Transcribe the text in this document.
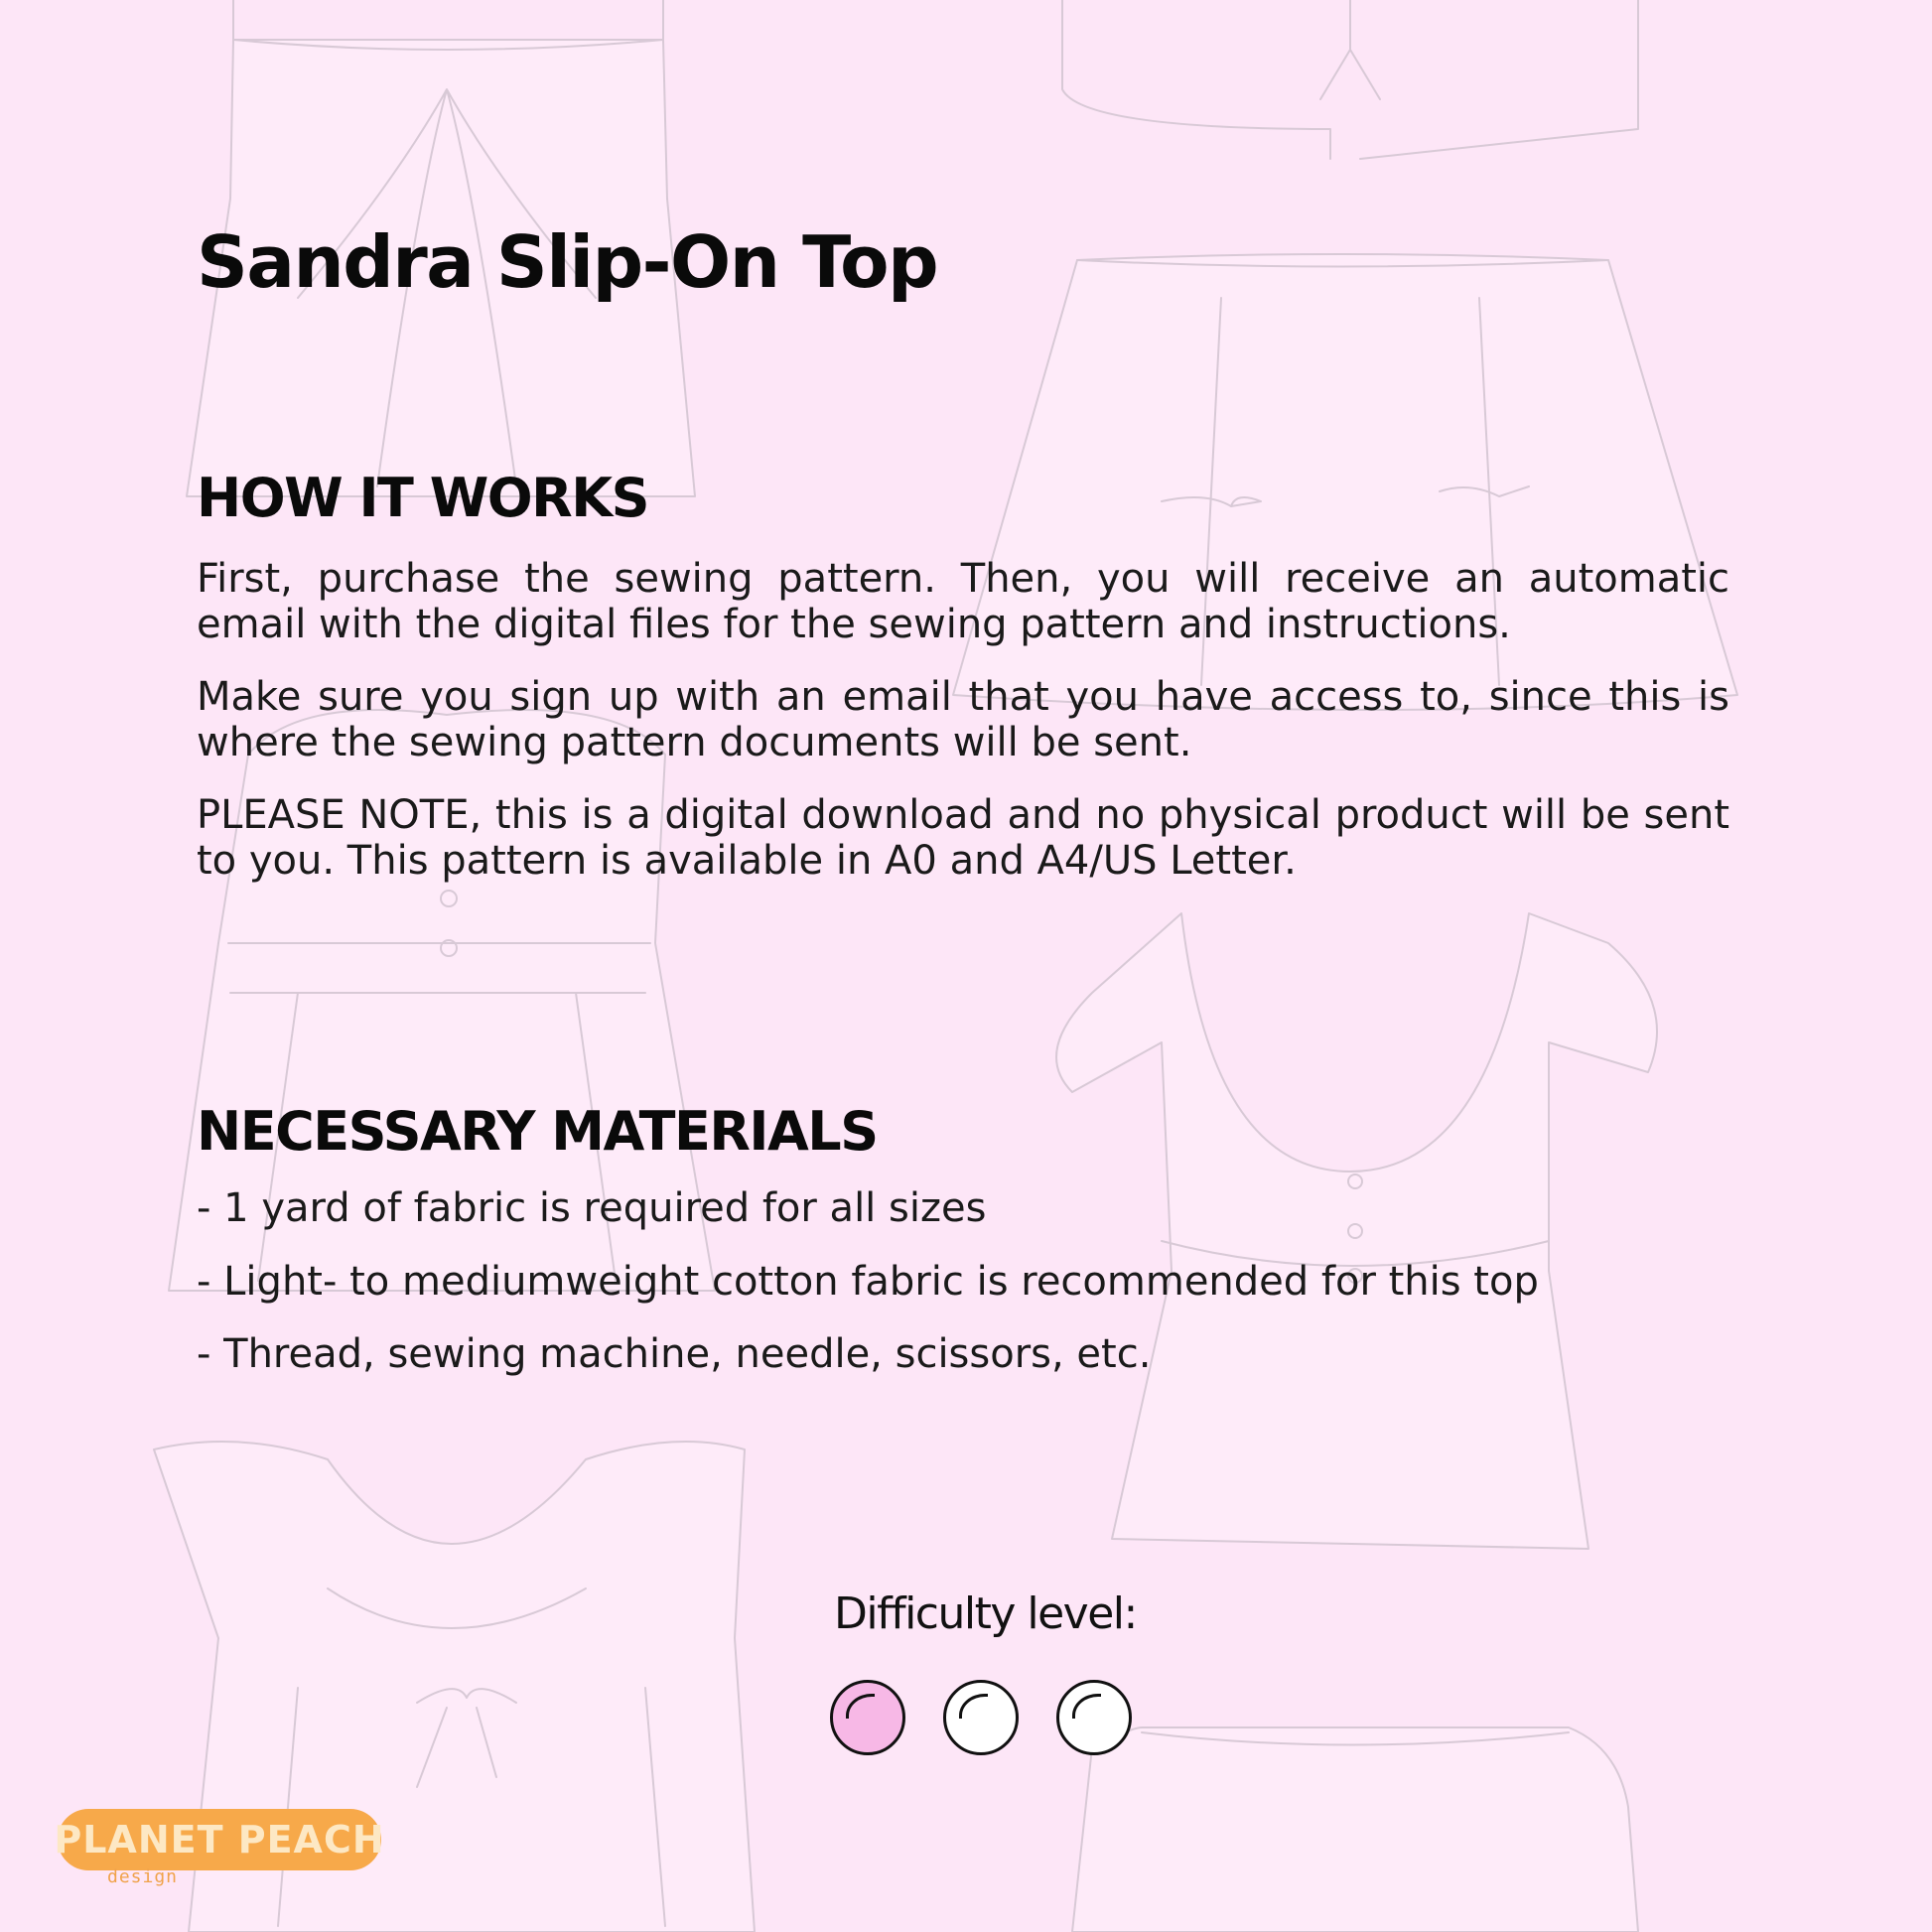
Sandra Slip-On Top
HOW IT WORKS
First, purchase the sewing pattern. Then, you will receive an automatic email with the digital files for the sewing pattern and instructions.
Make sure you sign up with an email that you have access to, since this is where the sewing pattern documents will be sent.
PLEASE NOTE, this is a digital download and no physical product will be sent to you. This pattern is available in A0 and A4/US Letter.
NECESSARY MATERIALS
- 1 yard of fabric is required for all sizes
- Light- to mediumweight cotton fabric is recommended for this top
- Thread, sewing machine, needle, scissors, etc.
Difficulty level:
PLANET PEACH
design
